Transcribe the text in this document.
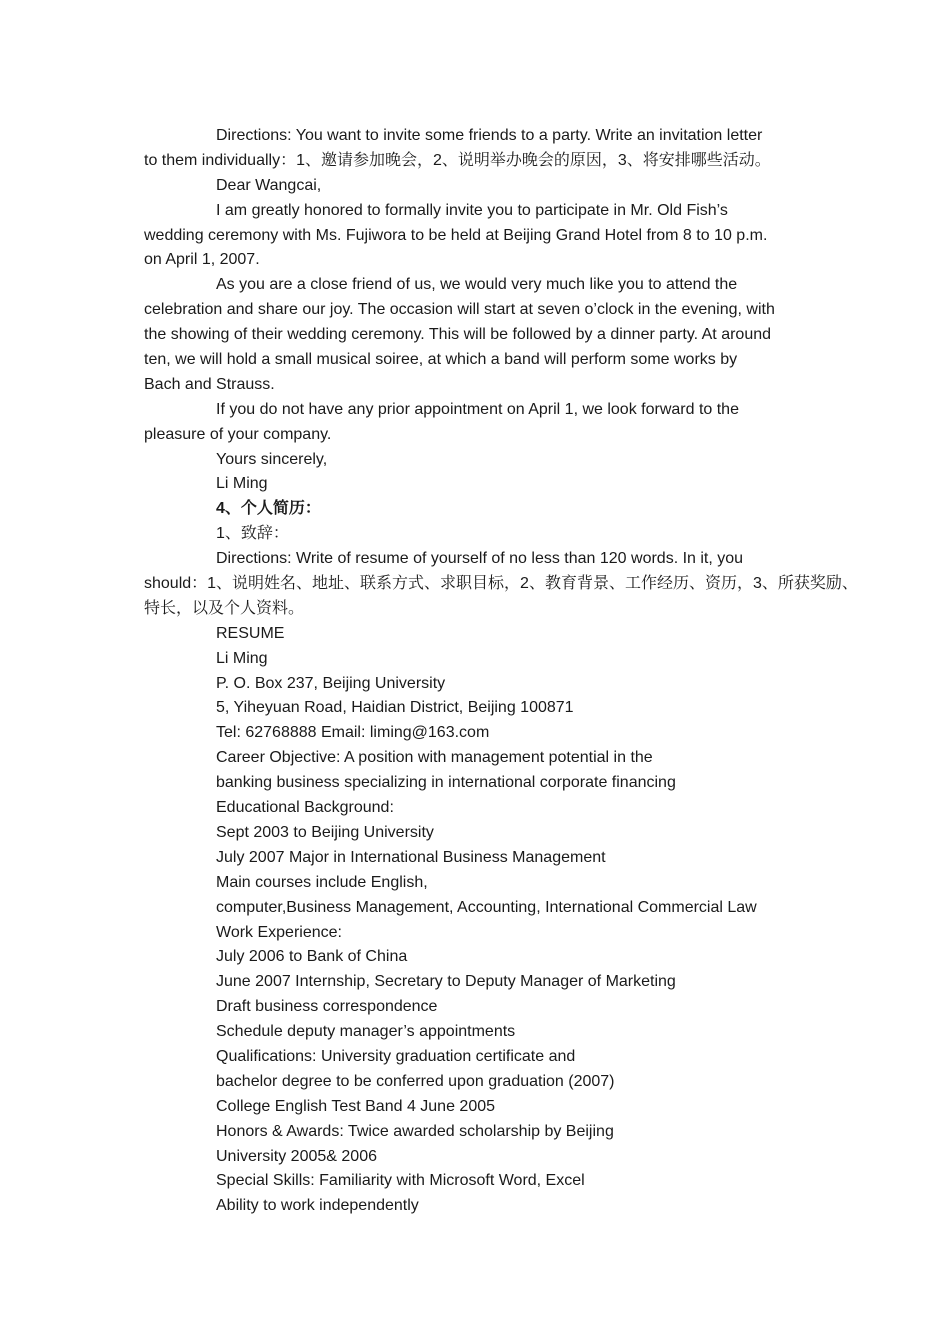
Directions: You want to invite some friends to a party. Write an invitation letter
to them individually：1、邀请参加晚会，2、说明举办晚会的原因，3、将安排哪些活动。
Dear Wangcai,
I am greatly honored to formally invite you to participate in Mr. Old Fish’s
wedding ceremony with Ms. Fujiwora to be held at Beijing Grand Hotel from 8 to 10 p.m.
on April 1, 2007.
As you are a close friend of us, we would very much like you to attend the
celebration and share our joy. The occasion will start at seven o’clock in the evening, with
the showing of their wedding ceremony. This will be followed by a dinner party. At around
ten, we will hold a small musical soiree, at which a band will perform some works by
Bach and Strauss.
If you do not have any prior appointment on April 1, we look forward to the
pleasure of your company.
Yours sincerely,
Li Ming
4、个人简历：
1、致辞：
Directions: Write of resume of yourself of no less than 120 words. In it, you
should：1、说明姓名、地址、联系方式、求职目标，2、教育背景、工作经历、资历，3、所获奖励、
特长，以及个人资料。
RESUME
Li Ming
P. O. Box 237, Beijing University
5, Yiheyuan Road, Haidian District, Beijing 100871
Tel: 62768888 Email: liming@163.com
Career Objective: A position with management potential in the
banking business specializing in international corporate financing
Educational Background:
Sept 2003 to Beijing University
July 2007 Major in International Business Management
Main courses include English,
computer,Business Management, Accounting, International Commercial Law
Work Experience:
July 2006 to Bank of China
June 2007 Internship, Secretary to Deputy Manager of Marketing
Draft business correspondence
Schedule deputy manager’s appointments
Qualifications: University graduation certificate and
bachelor degree to be conferred upon graduation (2007)
College English Test Band 4 June 2005
Honors & Awards: Twice awarded scholarship by Beijing
University 2005& 2006
Special Skills: Familiarity with Microsoft Word, Excel
Ability to work independently
